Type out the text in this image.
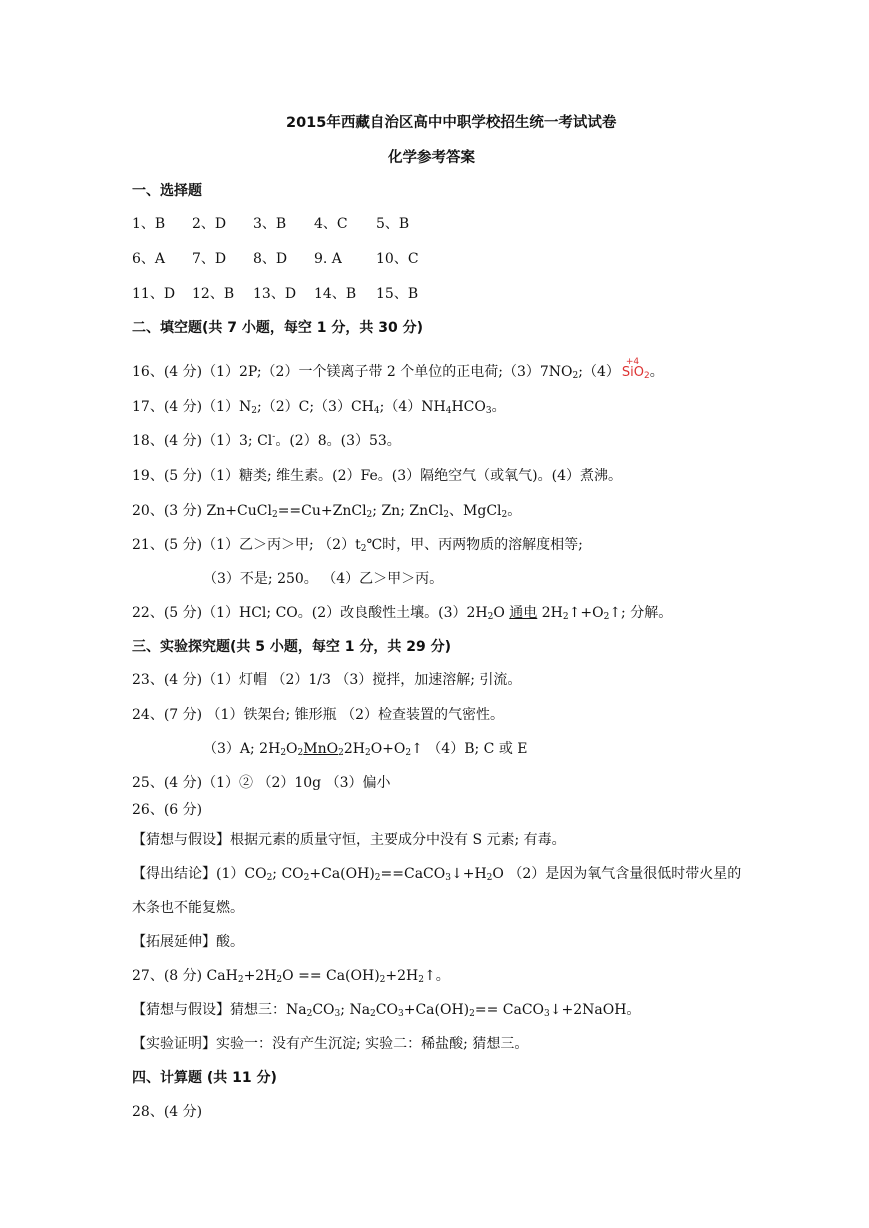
2015年西藏自治区高中中职学校招生统一考试试卷
化学参考答案
一、选择题
1、B 2、D 3、B 4、C 5、B
6、A 7、D 8、D 9. A 10、C
11、D 12、B 13、D 14、B 15、B
二、填空题(共 7 小题，每空 1 分，共 30 分)
16、(4 分)（1）2P;（2）一个镁离子带 2 个单位的正电荷$;(3)7NO_2;(4)$
+4
SiO$_2$。
17、(4 分)$(1)N_2;(2)C;(3)CH_4;(4)NH_4HCO_3$。
18、(4 分)（1）3; Cl-。(2）8。(3）53。
19、(5 分)（1）糖类; 维生素。(2）Fe。(3）隔绝空气（或氧气)。(4）煮沸。
20、(3 分) Zn+CuCl$_2$==Cu+ZnCl$_2$; Zn; ZnCl$_2$、MgCl$_2$。
21、(5 分)（1）乙＞丙＞甲; $(2)t_2℃$时，甲、丙两物质的溶解度相等;
（3）不是; 250。 （4）乙＞甲＞丙。
22、(5 分)（1）HCl; CO。(2）改良酸性土壤。$(3)2H_2O$ 通电 $2H_2↑+O_2↑$; 分解。
三、实验探究题(共 5 小题，每空 1 分，共 29 分)
23、(4 分)（1）灯帽 （2）1/3 （3）搅拌，加速溶解; 引流。
24、(7 分) （1）铁架台; 锥形瓶 （2）检查装置的气密性。
（3）A; $2H_2O_2MnO_22H_2O+O_2↑$ （4）B; C 或 E
25、(4 分)（1）② （2）10g （3）偏小
26、(6 分)
【猜想与假设】根据元素的质量守恒，主要成分中没有 S 元素; 有毒。
【得出结论】$(1)CO_2$; $CO_2+Ca(OH)_2==CaCO_3↓+H_2O$ （2）是因为氧气含量很低时带火星的
木条也不能复燃。
【拓展延伸】酸。
27、(8 分) $CaH_2+2H_2O$ == $Ca(OH)_2+2H_2↑$。
【猜想与假设】猜想三：$Na_2CO_3$; $Na_2CO_3+Ca(OH)_2==$ CaCO$_3$↓+2NaOH。
【实验证明】实验一：没有产生沉淀; 实验二：稀盐酸; 猜想三。
四、计算题 (共 11 分)
28、(4 分)
